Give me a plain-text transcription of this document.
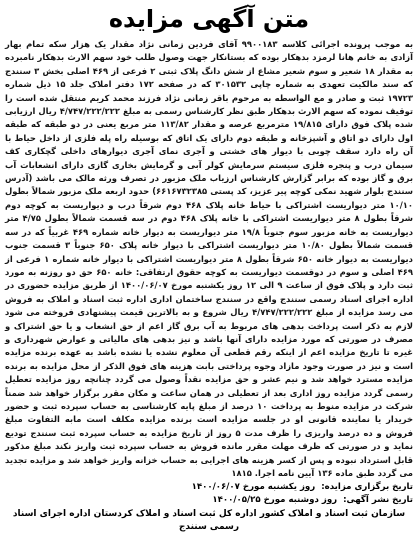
متن آگهی مزایده

به موجب پرونده اجرائی کلاسه ۹۹۰۰۱۸۳ آقای فردین زمانی نژاد مقدار یک هزار سکه تمام بهار آزادی به خانم هانا لرمزد بدهکار بوده که بستانکار جهت وصول طلب خود سهم الارث بدهکار نامبرده به مقدار ۱۸ شعیر و سوم شعیر مشاع از شش دانگ پلاک ثبتی ۲ فرعی از ۴۶۹ اصلی بخش ۳ سنندج که سند مالکیت تعهدی به شماره چاپی ۳۰۱۵۳۲ که در صفحه ۱۷۲ دفتر املاک جلد ۱۵ ذیل شماره ۱۹۷۲۳ ثبت و صادر و مع الواسطه به مرحوم باقر زمانی نژاد فرزند محمد کریم منتقل شده است را توقیف نموده که سهم الارث بدهکار طبق نظر کارشناس رسمی به مبلغ ۴/۷۴۷/۲۲۲/۲۲۲ ریال ارزیابی شده پلاک فوق دارای ۱۹/۸۱۵ مترمربع عرصه و مقدار ۱۱۳/۸۲ متر مربع یعنی در دو طبقه که طبقه اول دارای دو اتاق و آشپزخانه و طبقه دوم دارای یک اتاق که بوسیله راه پله فلزی از داخل حیاط با آن راه دارد سقف چوبی با دیوار های خشتی و آجری نمای آجری دیوارهای داخلی گچکاری کف سیمان درب و پنجره فلزی سیستم سرمایش کولر آبی و گرمایش بخاری گازی دارای انشعابات آب برق و گاز بوده که برابر گزارش کارشناس ارزیاب ملک مزبور در تصرف ورثه مالک می باشد (آدرس سنندج بلوار شهید نمکی کوچه پیر عزیز، کد پستی ۶۶۱۶۷۳۲۳۸۵) حدود اربعه ملک مزبور شمالاً بطول ۱۰/۱۰ متر دیواریست اشتراکی با حیاط خانه پلاک ۴۶۸ دوم شرقاً درب و دیواریست به کوچه دوم شرقاً بطول ۸ متر دیواریست اشتراکی با خانه پلاک ۴۶۸ دوم در سه قسمت شمالاً بطول ۴/۷۵ متر دیواریست به خانه مزبور سوم جنوباً ۱۹/۸ متر دیواریست به دیوار خانه شماره ۴۶۹ غربیاً که در سه قسمت شمالاً بطول ۱۰/۸۰ متر دیواریست اشتراکی با دیوار خانه پلاک ۶۵۰ جنوباً ۳ قسمت جنوب دیواریست به دیوار خانه ۶۵۰ شرقاً بطول ۸ متر دیواریست اشتراکی با دیوار خانه شماره ۱ فرعی از ۴۶۹ اصلی و سوم در دوقسمت دیواریست به کوچه حقوق ارتفاقی: خانه ۶۵۰ حق دو روزنه به مورد ثبت دارد و پلاک فوق از ساعت ۹ الی ۱۲ روز یکشنبه مورخ ۱۴۰۰/۰۶/۰۷ از طریق مزایده حضوری در اداره اجرای اسناد رسمی سنندج واقع در سنندج ساختمان اداری اداره ثبت اسناد و املاک به فروش می رسد مزایده از مبلغ ۴/۷۴۷/۲۲۲/۲۲۲ ریال شروع و به بالاترین قیمت پیشنهادی فروخته می شود لازم به ذکر است پرداخت بدهی های مربوط به آب برق گاز اعم از حق انشعاب و یا حق اشتراک و مصرف در صورتی که مورد مزایده دارای آنها باشد و نیز بدهی های مالیاتی و عوارض شهرداری و غیره تا تاریخ مزایده اعم از اینکه رقم قطعی آن معلوم نشده یا نشده باشد به عهده برنده مزایده است و نیز در صورت وجود مازاد وجوه پرداختی بابت هزینه های فوق الذکر از محل مزایده به برنده مزایده مسترد خواهد شد و نیم عشر و حق مزایده نقداً وصول می گردد چنانچه روز مزایده تعطیل رسمی گردد مزایده روز اداری بعد از تعطیلی در همان ساعت و مکان مقرر برگزار خواهد شد ضمناً شرکت در مزایده منوط به پرداخت ۱۰ درصد از مبلغ پایه کارشناسی به حساب سپرده ثبت و حضور خریدار یا نماینده قانونی او در جلسه مزایده است برنده مزایده مکلف است مابه التفاوت مبلغ فروش و ده درصد واریزی را ظرف مدت ۵ روز از تاریخ مزایده به حساب سپرده ثبت سنندج تودیع نماید و در صورتی که ظرف مهلت مقرر مانده فروش به حساب سپرده ثبت واریز نکند مبلغ مذکور قابل استرداد نبوده و پس از کسر هزینه های اجرایی به حساب خزانه واریز خواهد شد و مزایده تجدید می گردد طبق ماده ۱۳۶ آیین نامه اجرا. ۱۸۱۵

تاریخ برگزاری مزایده: روز یکشنبه مورخ ۱۴۰۰/۰۶/۰۷
تاریخ نشر آگهی: روز دوشنبه مورخ ۱۴۰۰/۰۵/۲۵
سازمان ثبت اسناد و املاک کشور اداره کل ثبت اسناد و املاک کردستان اداره اجرای اسناد رسمی سنندج
